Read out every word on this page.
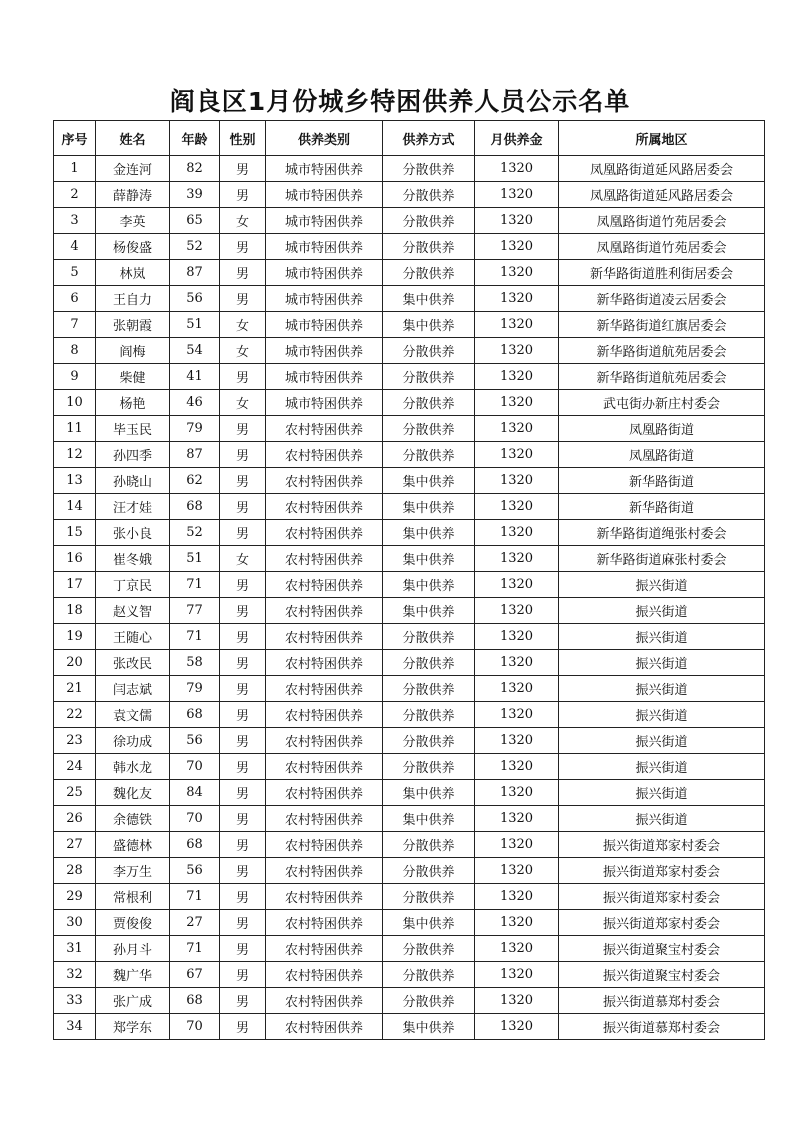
阎良区1月份城乡特困供养人员公示名单
序号	姓名	年龄	性别	供养类别	供养方式	月供养金	所属地区
1	金连河	82	男	城市特困供养	分散供养	1320	凤凰路街道延风路居委会
2	薛静涛	39	男	城市特困供养	分散供养	1320	凤凰路街道延风路居委会
3	李英	65	女	城市特困供养	分散供养	1320	凤凰路街道竹苑居委会
4	杨俊盛	52	男	城市特困供养	分散供养	1320	凤凰路街道竹苑居委会
5	林岚	87	男	城市特困供养	分散供养	1320	新华路街道胜利街居委会
6	王自力	56	男	城市特困供养	集中供养	1320	新华路街道凌云居委会
7	张朝霞	51	女	城市特困供养	集中供养	1320	新华路街道红旗居委会
8	阎梅	54	女	城市特困供养	分散供养	1320	新华路街道航苑居委会
9	柴健	41	男	城市特困供养	分散供养	1320	新华路街道航苑居委会
10	杨艳	46	女	城市特困供养	分散供养	1320	武屯街办新庄村委会
11	毕玉民	79	男	农村特困供养	分散供养	1320	凤凰路街道
12	孙四季	87	男	农村特困供养	分散供养	1320	凤凰路街道
13	孙晓山	62	男	农村特困供养	集中供养	1320	新华路街道
14	汪才娃	68	男	农村特困供养	集中供养	1320	新华路街道
15	张小良	52	男	农村特困供养	集中供养	1320	新华路街道绳张村委会
16	崔冬娥	51	女	农村特困供养	集中供养	1320	新华路街道麻张村委会
17	丁京民	71	男	农村特困供养	集中供养	1320	振兴街道
18	赵义智	77	男	农村特困供养	集中供养	1320	振兴街道
19	王随心	71	男	农村特困供养	分散供养	1320	振兴街道
20	张改民	58	男	农村特困供养	分散供养	1320	振兴街道
21	闫志斌	79	男	农村特困供养	分散供养	1320	振兴街道
22	袁文儒	68	男	农村特困供养	分散供养	1320	振兴街道
23	徐功成	56	男	农村特困供养	分散供养	1320	振兴街道
24	韩水龙	70	男	农村特困供养	分散供养	1320	振兴街道
25	魏化友	84	男	农村特困供养	集中供养	1320	振兴街道
26	余德铁	70	男	农村特困供养	集中供养	1320	振兴街道
27	盛德林	68	男	农村特困供养	分散供养	1320	振兴街道郑家村委会
28	李万生	56	男	农村特困供养	分散供养	1320	振兴街道郑家村委会
29	常根利	71	男	农村特困供养	分散供养	1320	振兴街道郑家村委会
30	贾俊俊	27	男	农村特困供养	集中供养	1320	振兴街道郑家村委会
31	孙月斗	71	男	农村特困供养	分散供养	1320	振兴街道聚宝村委会
32	魏广华	67	男	农村特困供养	分散供养	1320	振兴街道聚宝村委会
33	张广成	68	男	农村特困供养	分散供养	1320	振兴街道慕郑村委会
34	郑学东	70	男	农村特困供养	集中供养	1320	振兴街道慕郑村委会
